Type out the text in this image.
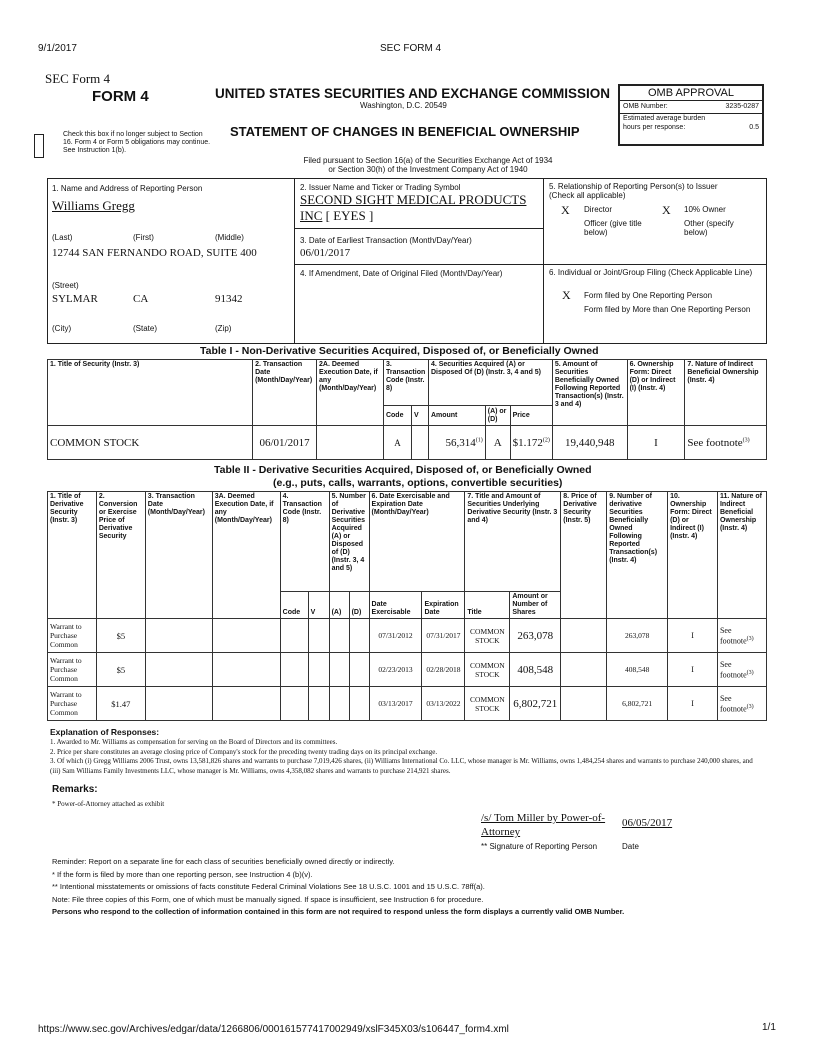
9/1/2017	SEC FORM 4
SEC Form 4
FORM 4	UNITED STATES SECURITIES AND EXCHANGE COMMISSION
Washington, D.C. 20549
Check this box if no longer subject to Section 16. Form 4 or Form 5 obligations may continue. See Instruction 1(b).
STATEMENT OF CHANGES IN BENEFICIAL OWNERSHIP
Filed pursuant to Section 16(a) of the Securities Exchange Act of 1934
or Section 30(h) of the Investment Company Act of 1940
OMB APPROVAL
OMB Number:	3235-0287
Estimated average burden
hours per response:	0.5
1. Name and Address of Reporting Person
Williams Gregg
(Last)	(First)	(Middle)
12744 SAN FERNANDO ROAD, SUITE 400
(Street)
SYLMAR	CA	91342
(City)	(State)	(Zip)
2. Issuer Name and Ticker or Trading Symbol
SECOND SIGHT MEDICAL PRODUCTS
INC [ EYES ]
3. Date of Earliest Transaction (Month/Day/Year)
06/01/2017
4. If Amendment, Date of Original Filed (Month/Day/Year)
5. Relationship of Reporting Person(s) to Issuer
(Check all applicable)
X Director	X 10% Owner
Officer (give title below)
Other (specify below)
6. Individual or Joint/Group Filing (Check Applicable Line)
X Form filed by One Reporting Person
Form filed by More than One Reporting Person
Table I - Non-Derivative Securities Acquired, Disposed of, or Beneficially Owned
1. Title of Security (Instr. 3)	2. Transaction Date (Month/Day/Year)	2A. Deemed Execution Date, if any (Month/Day/Year)	3. Transaction Code (Instr. 8)		4. Securities Acquired (A) or Disposed Of (D) (Instr. 3, 4 and 5)			5. Amount of Securities Beneficially Owned Following Reported Transaction(s) (Instr. 3 and 4)	6. Ownership Form: Direct (D) or Indirect (I) (Instr. 4)	7. Nature of Indirect Beneficial Ownership (Instr. 4)
			Code	V	Amount	(A) or (D)	Price			
COMMON STOCK	06/01/2017		A		56,314$^{(1)}$	A	$1.172$^{(2)}$	19,440,948	I	See footnote$^{(3)}$
Table II - Derivative Securities Acquired, Disposed of, or Beneficially Owned
(e.g., puts, calls, warrants, options, convertible securities)
1. Title of Derivative Security (Instr. 3)	2. Conversion or Exercise Price of Derivative Security	3. Transaction Date (Month/Day/Year)	3A. Deemed Execution Date, if any (Month/Day/Year)	4. Transaction Code (Instr. 8)		5. Number of Derivative Securities Acquired (A) or Disposed of (D) (Instr. 3, 4 and 5)		6. Date Exercisable and Expiration Date (Month/Day/Year)		7. Title and Amount of Securities Underlying Derivative Security (Instr. 3 and 4)		8. Price of Derivative Security (Instr. 5)	9. Number of derivative Securities Beneficially Owned Following Reported Transaction(s) (Instr. 4)	10. Ownership Form: Direct (D) or Indirect (I) (Instr. 4)	11. Nature of Indirect Beneficial Ownership (Instr. 4)
				Code	V	(A)	(D)	Date Exercisable	Expiration Date	Title	Amount or Number of Shares				
Warrant to Purchase Common	$5							07/31/2012	07/31/2017	COMMON STOCK	263,078		263,078	I	See footnote$^{(3)}$
Warrant to Purchase Common	$5							02/23/2013	02/28/2018	COMMON STOCK	408,548		408,548	I	See footnote$^{(3)}$
Warrant to Purchase Common	$1.47							03/13/2017	03/13/2022	COMMON STOCK	6,802,721		6,802,721	I	See footnote$^{(3)}$
Explanation of Responses:
1. Awarded to Mr. Williams as compensation for serving on the Board of Directors and its committees.
2. Price per share constitutes an average closing price of Company's stock for the preceding twenty trading days on its principal exchange.
3. Of which (i) Gregg Williams 2006 Trust, owns 13,581,826 shares and warrants to purchase 7,019,426 shares, (ii) Williams International Co. LLC, whose manager is Mr. Williams, owns 1,484,254 shares and warrants to purchase 240,000 shares, and (iii) Sam Williams Family Investments LLC, whose manager is Mr. Williams, owns 4,358,082 shares and warrants to purchase 214,921 shares.
Remarks:
* Power-of-Attorney attached as exhibit
/s/ Tom Miller by Power-of-
Attorney
06/05/2017
** Signature of Reporting Person	Date
Reminder: Report on a separate line for each class of securities beneficially owned directly or indirectly.
* If the form is filed by more than one reporting person, see Instruction 4 (b)(v).
** Intentional misstatements or omissions of facts constitute Federal Criminal Violations See 18 U.S.C. 1001 and 15 U.S.C. 78ff(a).
Note: File three copies of this Form, one of which must be manually signed. If space is insufficient, see Instruction 6 for procedure.
Persons who respond to the collection of information contained in this form are not required to respond unless the form displays a currently valid OMB Number.
https://www.sec.gov/Archives/edgar/data/1266806/000161577417002949/xslF345X03/s106447_form4.xml	1/1
